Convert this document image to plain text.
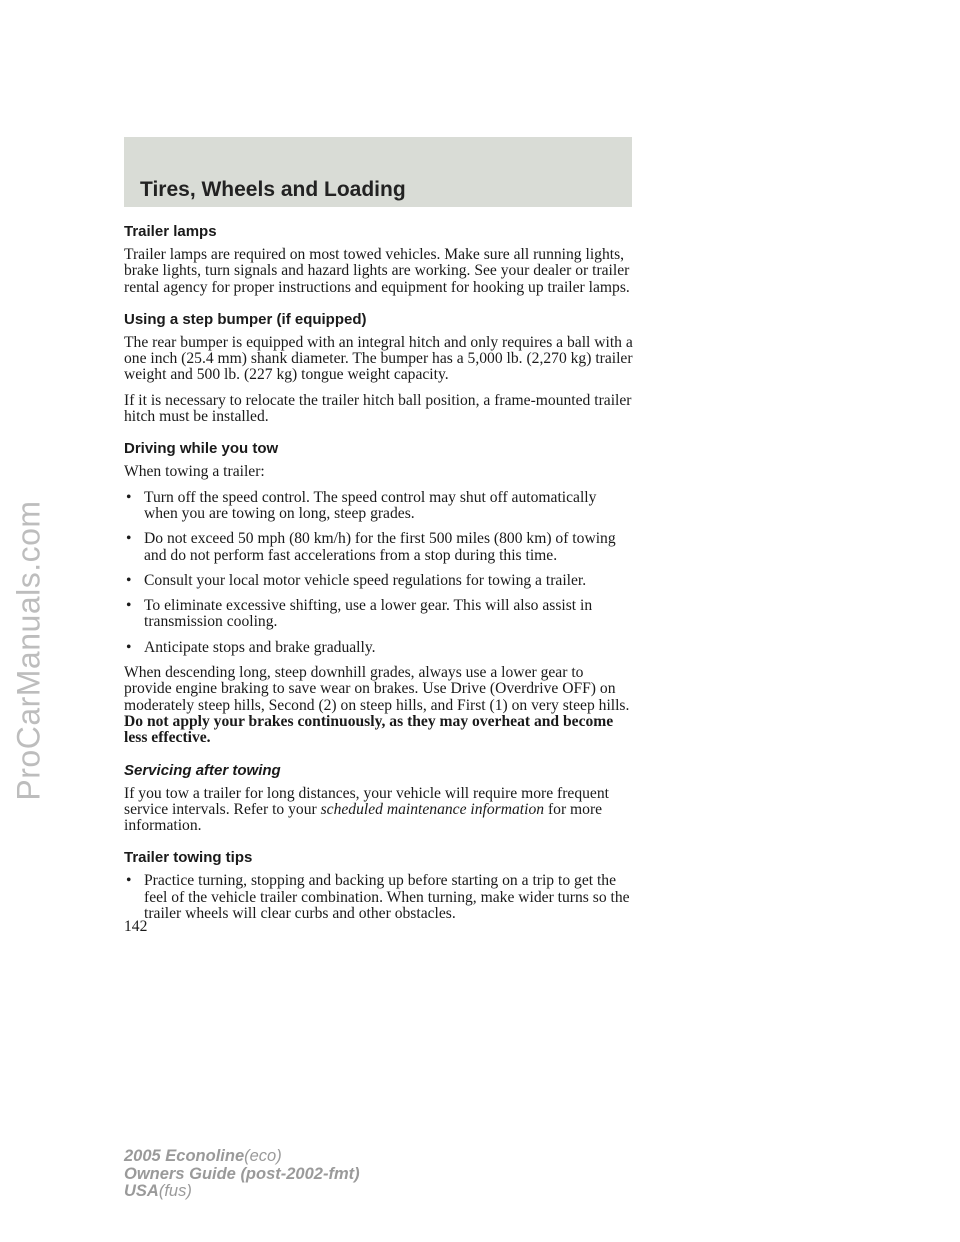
ProCarManuals.com
Tires, Wheels and Loading
Trailer lamps

Trailer lamps are required on most towed vehicles. Make sure all running lights, brake lights, turn signals and hazard lights are working. See your dealer or trailer rental agency for proper instructions and equipment for hooking up trailer lamps.

Using a step bumper (if equipped)

The rear bumper is equipped with an integral hitch and only requires a ball with a one inch (25.4 mm) shank diameter. The bumper has a 5,000 lb. (2,270 kg) trailer weight and 500 lb. (227 kg) tongue weight capacity.

If it is necessary to relocate the trailer hitch ball position, a frame-mounted trailer hitch must be installed.

Driving while you tow

When towing a trailer:

• Turn off the speed control. The speed control may shut off automatically when you are towing on long, steep grades.
• Do not exceed 50 mph (80 km/h) for the first 500 miles (800 km) of towing and do not perform fast accelerations from a stop during this time.
• Consult your local motor vehicle speed regulations for towing a trailer.
• To eliminate excessive shifting, use a lower gear. This will also assist in transmission cooling.
• Anticipate stops and brake gradually.

When descending long, steep downhill grades, always use a lower gear to provide engine braking to save wear on brakes. Use Drive (Overdrive OFF) on moderately steep hills, Second (2) on steep hills, and First (1) on very steep hills. Do not apply your brakes continuously, as they may overheat and become less effective.

Servicing after towing

If you tow a trailer for long distances, your vehicle will require more frequent service intervals. Refer to your scheduled maintenance information for more information.

Trailer towing tips
• Practice turning, stopping and backing up before starting on a trip to get the feel of the vehicle trailer combination. When turning, make wider turns so the trailer wheels will clear curbs and other obstacles.
142
2005 Econoline(eco)
Owners Guide (post-2002-fmt)
USA(fus)
